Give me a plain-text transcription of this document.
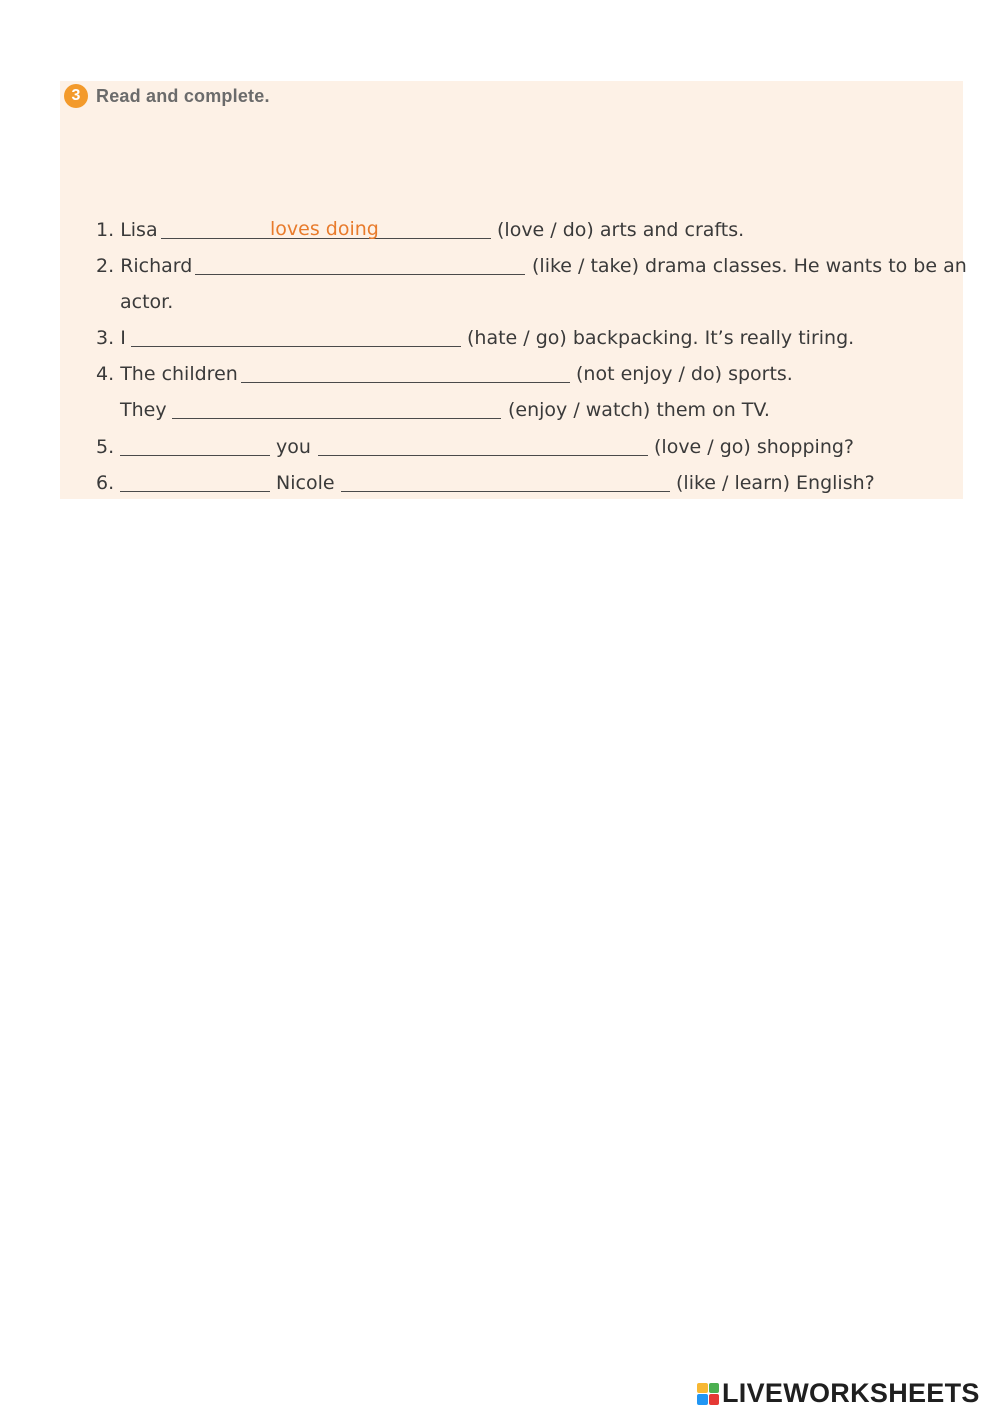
3 Read and complete.
1. Lisa	loves doing	(love / do) arts and crafts.
2. Richard	(like / take) drama classes. He wants to be an
actor.
3. I	(hate / go) backpacking. It’s really tiring.
4. The children	(not enjoy / do) sports.
They	(enjoy / watch) them on TV.
5.	you	(love / go) shopping?
6.	Nicole	(like / learn) English?
LIVEWORKSHEETS
